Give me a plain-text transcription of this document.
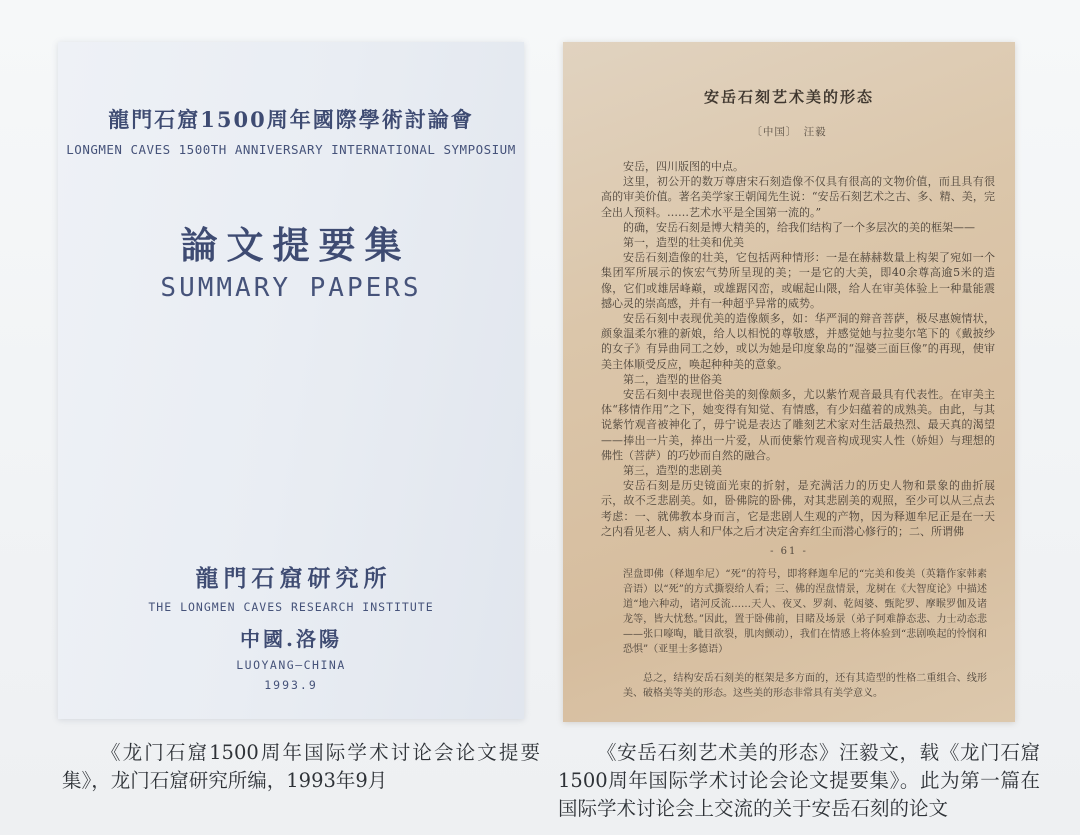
龍門石窟1500周年國際學術討論會
LONGMEN CAVES 1500TH ANNIVERSARY INTERNATIONAL SYMPOSIUM
論文提要集
SUMMARY PAPERS
龍門石窟研究所
THE LONGMEN CAVES RESEARCH INSTITUTE
中國.洛陽
LUOYANG—CHINA
1993.9
安岳石刻艺术美的形态
〔中国〕　汪毅

安岳，四川版图的中点。

这里，初公开的数万尊唐宋石刻造像不仅具有很高的文物价值，而且具有很高的审美价值。著名美学家王朝闻先生说：“安岳石刻艺术之古、多、精、美，完全出人预料。……艺术水平是全国第一流的。”

的确，安岳石刻是博大精美的，给我们结构了一个多层次的美的框架——

第一，造型的壮美和优美

安岳石刻造像的壮美，它包括两种情形：一是在赫赫数量上构架了宛如一个集团军所展示的恢宏气势所呈现的美；一是它的大美，即40余尊高逾5米的造像，它们或雄居峰巅，或雄踞冈峦，或崛起山隈，给人在审美体验上一种量能震撼心灵的崇高感，并有一种超乎异常的威势。

安岳石刻中表现优美的造像颇多，如：华严洞的辩音菩萨，极尽惠婉情状，颜象温柔尔雅的新娘，给人以相悦的尊敬感，并感觉她与拉斐尔笔下的《戴披纱的女子》有异曲同工之妙，或以为她是印度象岛的“湿婆三面巨像”的再现，使审美主体顺受反应，唤起种种美的意象。

第二，造型的世俗美

安岳石刻中表现世俗美的刻像颇多，尤以紫竹观音最具有代表性。在审美主体“移情作用”之下，她变得有知觉、有情感，有少妇蕴着的成熟美。由此，与其说紫竹观音被神化了，毋宁说是表达了雕刻艺术家对生活最热烈、最天真的渴望——捧出一片美，捧出一片爱，从而使紫竹观音构成现实人性（娇妲）与理想的佛性（菩萨）的巧妙而自然的融合。

第三，造型的悲剧美

安岳石刻是历史镜面光束的折射，是充满活力的历史人物和景象的曲折展示，故不乏悲剧美。如，卧佛院的卧佛，对其悲剧美的观照，至少可以从三点去考虑：一、就佛教本身而言，它是悲剧人生观的产物，因为释迦牟尼正是在一天之内看见老人、病人和尸体之后才决定舍弃红尘而潜心修行的；二、所谓佛

- 61 -
涅盘即佛（释迦牟尼）“死”的符号，即将释迦牟尼的“完美和俊美（英籍作家韩素音语）以“死”的方式撕裂给人看；三、佛的涅盘情景，龙树在《大智度论》中描述道“地六种动，诸河反流……天人、夜叉、罗刹、乾闼婆、甄陀罗、摩睺罗伽及诸龙等，皆大忧愁。”因此，置于卧佛前，目睹及场景（弟子阿难静态悲、力士动态悲——张口嚎啕，眦目欲裂，肌肉颤动），我们在情感上将体验到“悲剧唤起的怜悯和恐惧”（亚里士多德语）
总之，结构安岳石刻美的框架是多方面的，还有其造型的性格二重组合、线形美、破格美等美的形态。这些美的形态非常具有美学意义。

《龙门石窟1500周年国际学术讨论会论文提要集》，龙门石窟研究所编，1993年9月

《安岳石刻艺术美的形态》汪毅文，载《龙门石窟1500周年国际学术讨论会论文提要集》。此为第一篇在国际学术讨论会上交流的关于安岳石刻的论文
